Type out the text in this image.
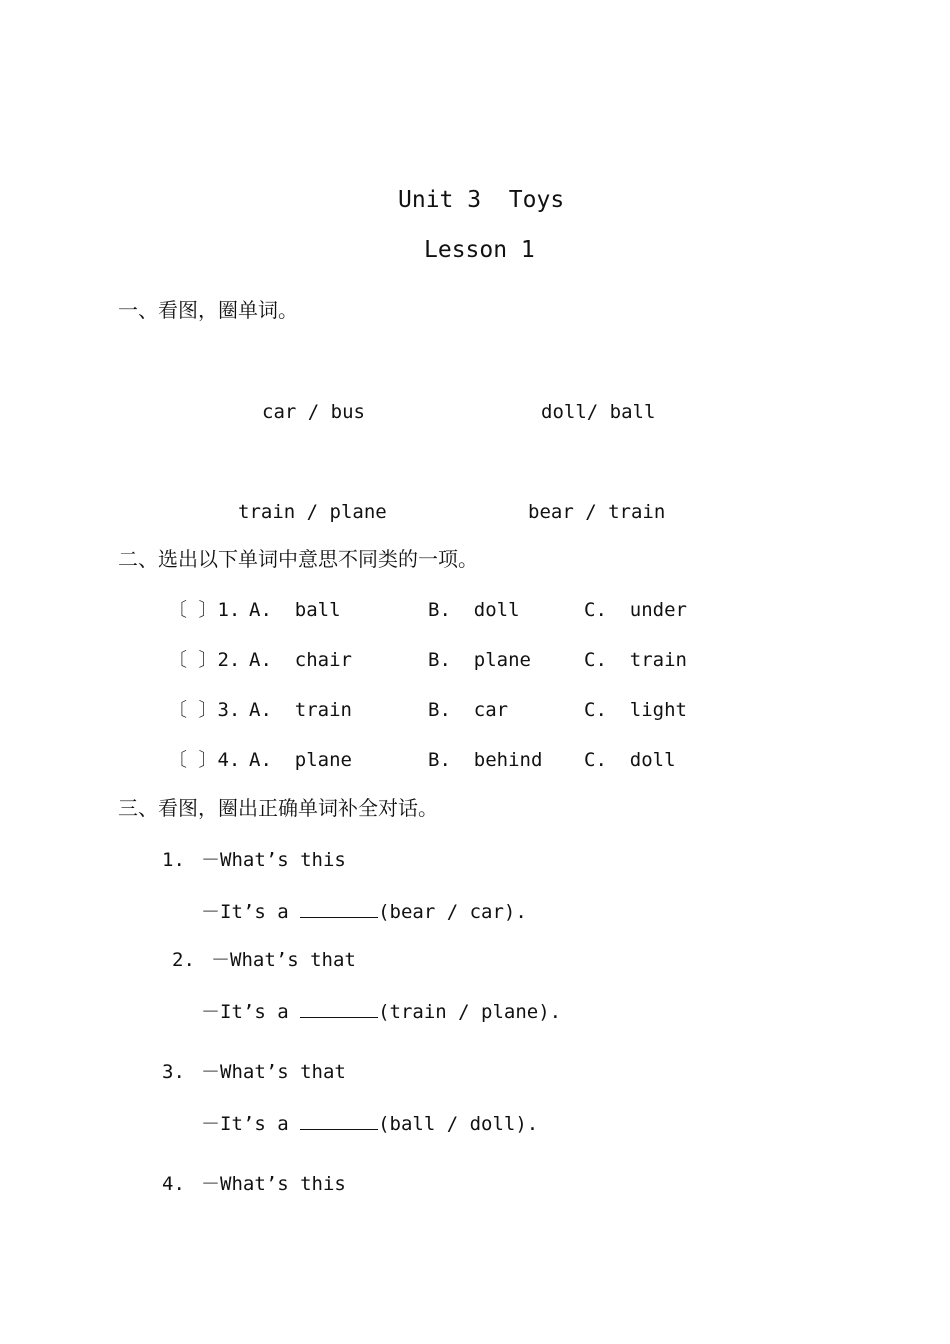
Unit 3  Toys
Lesson 1
一、看图，圈单词。
car / bus	doll/ ball
train / plane	bear / train
二、选出以下单词中意思不同类的一项。
〔 〕1. A.  ball	B.  doll	C.  under
〔 〕2. A.  chair	B.  plane	C.  train
〔 〕3. A.  train	B.  car	C.  light
〔 〕4. A.  plane	B.  behind C.  doll
三、看图，圈出正确单词补全对话。
1. －What’s this
－It’s a	(bear / car).
2. －What’s that
－It’s a	(train / plane).
3. －What’s that
－It’s a	(ball / doll).
4. －What’s this
